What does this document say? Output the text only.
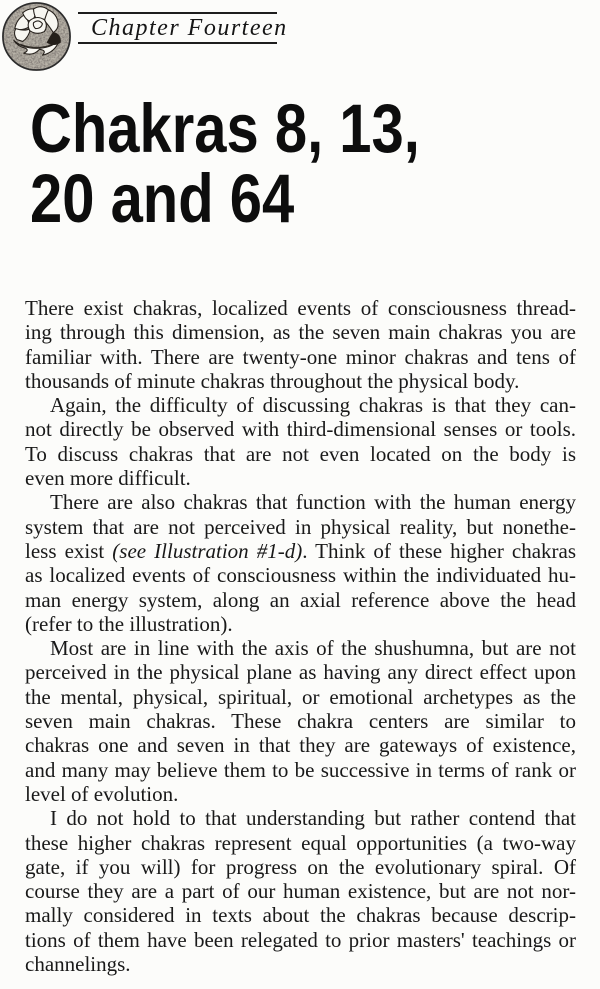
Chapter Fourteen
Chakras 8, 13,
20 and 64
There exist chakras, localized events of consciousness thread-
ing through this dimension, as the seven main chakras you are
familiar with. There are twenty-one minor chakras and tens of
thousands of minute chakras throughout the physical body.
Again, the difficulty of discussing chakras is that they can-
not directly be observed with third-dimensional senses or tools.
To discuss chakras that are not even located on the body is
even more difficult.
There are also chakras that function with the human energy
system that are not perceived in physical reality, but nonethe-
less exist (see Illustration #1-d). Think of these higher chakras
as localized events of consciousness within the individuated hu-
man energy system, along an axial reference above the head
(refer to the illustration).
Most are in line with the axis of the shushumna, but are not
perceived in the physical plane as having any direct effect upon
the mental, physical, spiritual, or emotional archetypes as the
seven main chakras. These chakra centers are similar to
chakras one and seven in that they are gateways of existence,
and many may believe them to be successive in terms of rank or
level of evolution.
I do not hold to that understanding but rather contend that
these higher chakras represent equal opportunities (a two-way
gate, if you will) for progress on the evolutionary spiral. Of
course they are a part of our human existence, but are not nor-
mally considered in texts about the chakras because descrip-
tions of them have been relegated to prior masters' teachings or
channelings.
